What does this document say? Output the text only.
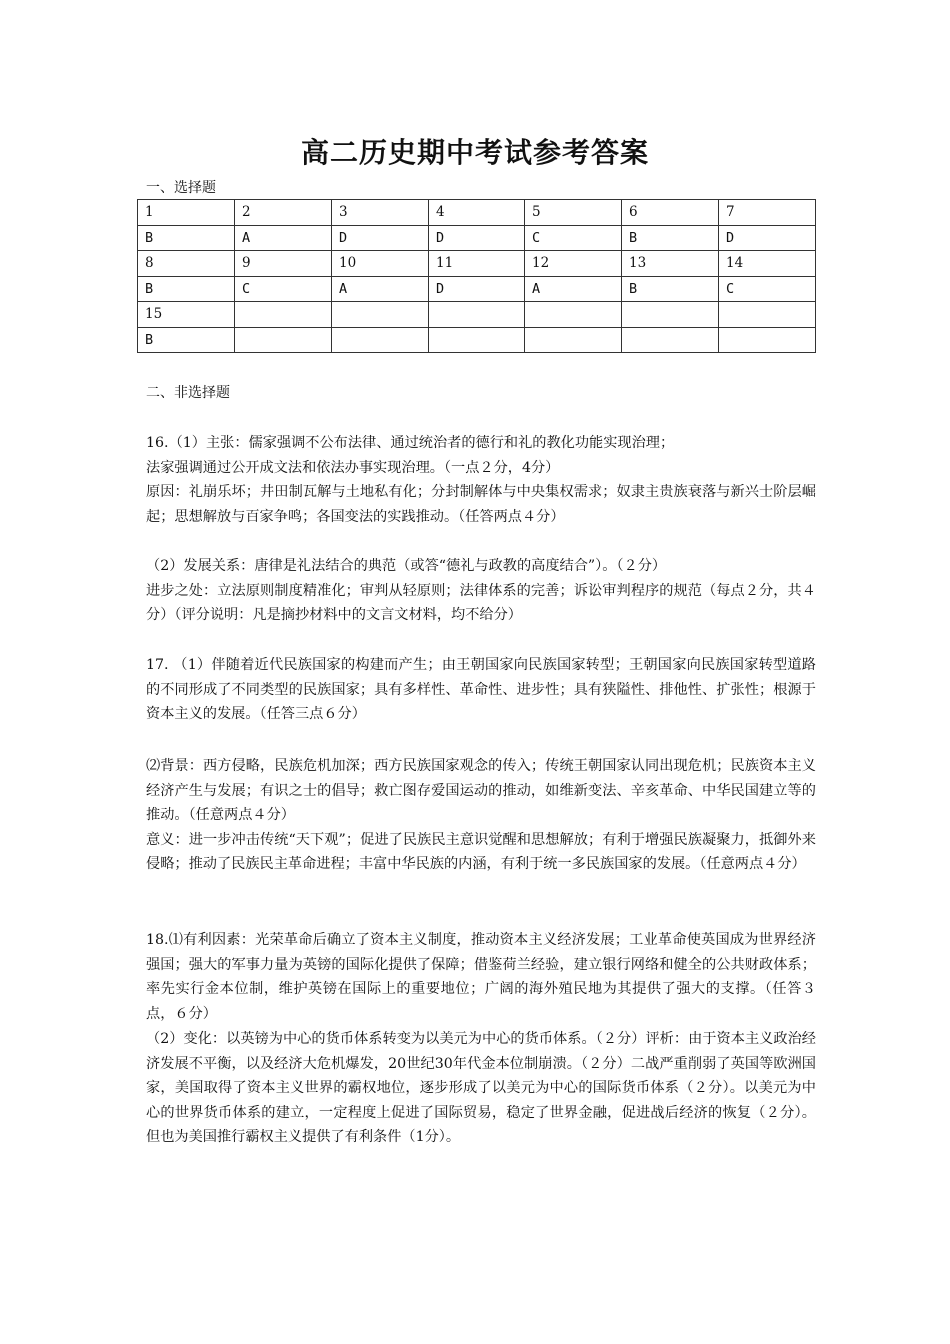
高二历史期中考试参考答案
一、选择题
1	2	3	4	5	6	7
B	A	D	D	C	B	D
8	9	10	11	12	13	14
B	C	A	D	A	B	C
15						
B						
二、非选择题

16.（1）主张：儒家强调不公布法律、通过统治者的德行和礼的教化功能实现治理；

法家强调通过公开成文法和依法办事实现治理。（一点２分，4分）

原因：礼崩乐坏；井田制瓦解与土地私有化；分封制解体与中央集权需求；奴隶主贵族衰落与新兴士阶层崛起；思想解放与百家争鸣；各国变法的实践推动。（任答两点４分）

（2）发展关系：唐律是礼法结合的典范（或答“德礼与政教的高度结合”）。（２分）

进步之处：立法原则制度精准化；审判从轻原则；法律体系的完善；诉讼审判程序的规范（每点２分，共４分）（评分说明：凡是摘抄材料中的文言文材料，均不给分）

17. （1）伴随着近代民族国家的构建而产生；由王朝国家向民族国家转型；王朝国家向民族国家转型道路的不同形成了不同类型的民族国家；具有多样性、革命性、进步性；具有狭隘性、排他性、扩张性；根源于资本主义的发展。（任答三点６分）

⑵背景：西方侵略，民族危机加深；西方民族国家观念的传入；传统王朝国家认同出现危机；民族资本主义经济产生与发展；有识之士的倡导；救亡图存爱国运动的推动，如维新变法、辛亥革命、中华民国建立等的推动。（任意两点４分）

意义：进一步冲击传统“天下观”；促进了民族民主意识觉醒和思想解放；有利于增强民族凝聚力，抵御外来侵略；推动了民族民主革命进程；丰富中华民族的内涵，有利于统一多民族国家的发展。（任意两点４分）

18.⑴有利因素：光荣革命后确立了资本主义制度，推动资本主义经济发展；工业革命使英国成为世界经济强国；强大的军事力量为英镑的国际化提供了保障；借鉴荷兰经验，建立银行网络和健全的公共财政体系；率先实行金本位制，维护英镑在国际上的重要地位；广阔的海外殖民地为其提供了强大的支撑。（任答３点，６分）

（2）变化：以英镑为中心的货币体系转变为以美元为中心的货币体系。（２分）评析：由于资本主义政治经济发展不平衡，以及经济大危机爆发，20世纪30年代金本位制崩溃。（２分）二战严重削弱了英国等欧洲国家，美国取得了资本主义世界的霸权地位，逐步形成了以美元为中心的国际货币体系（２分）。以美元为中心的世界货币体系的建立，一定程度上促进了国际贸易，稳定了世界金融，促进战后经济的恢复（２分）。但也为美国推行霸权主义提供了有利条件（1分）。
